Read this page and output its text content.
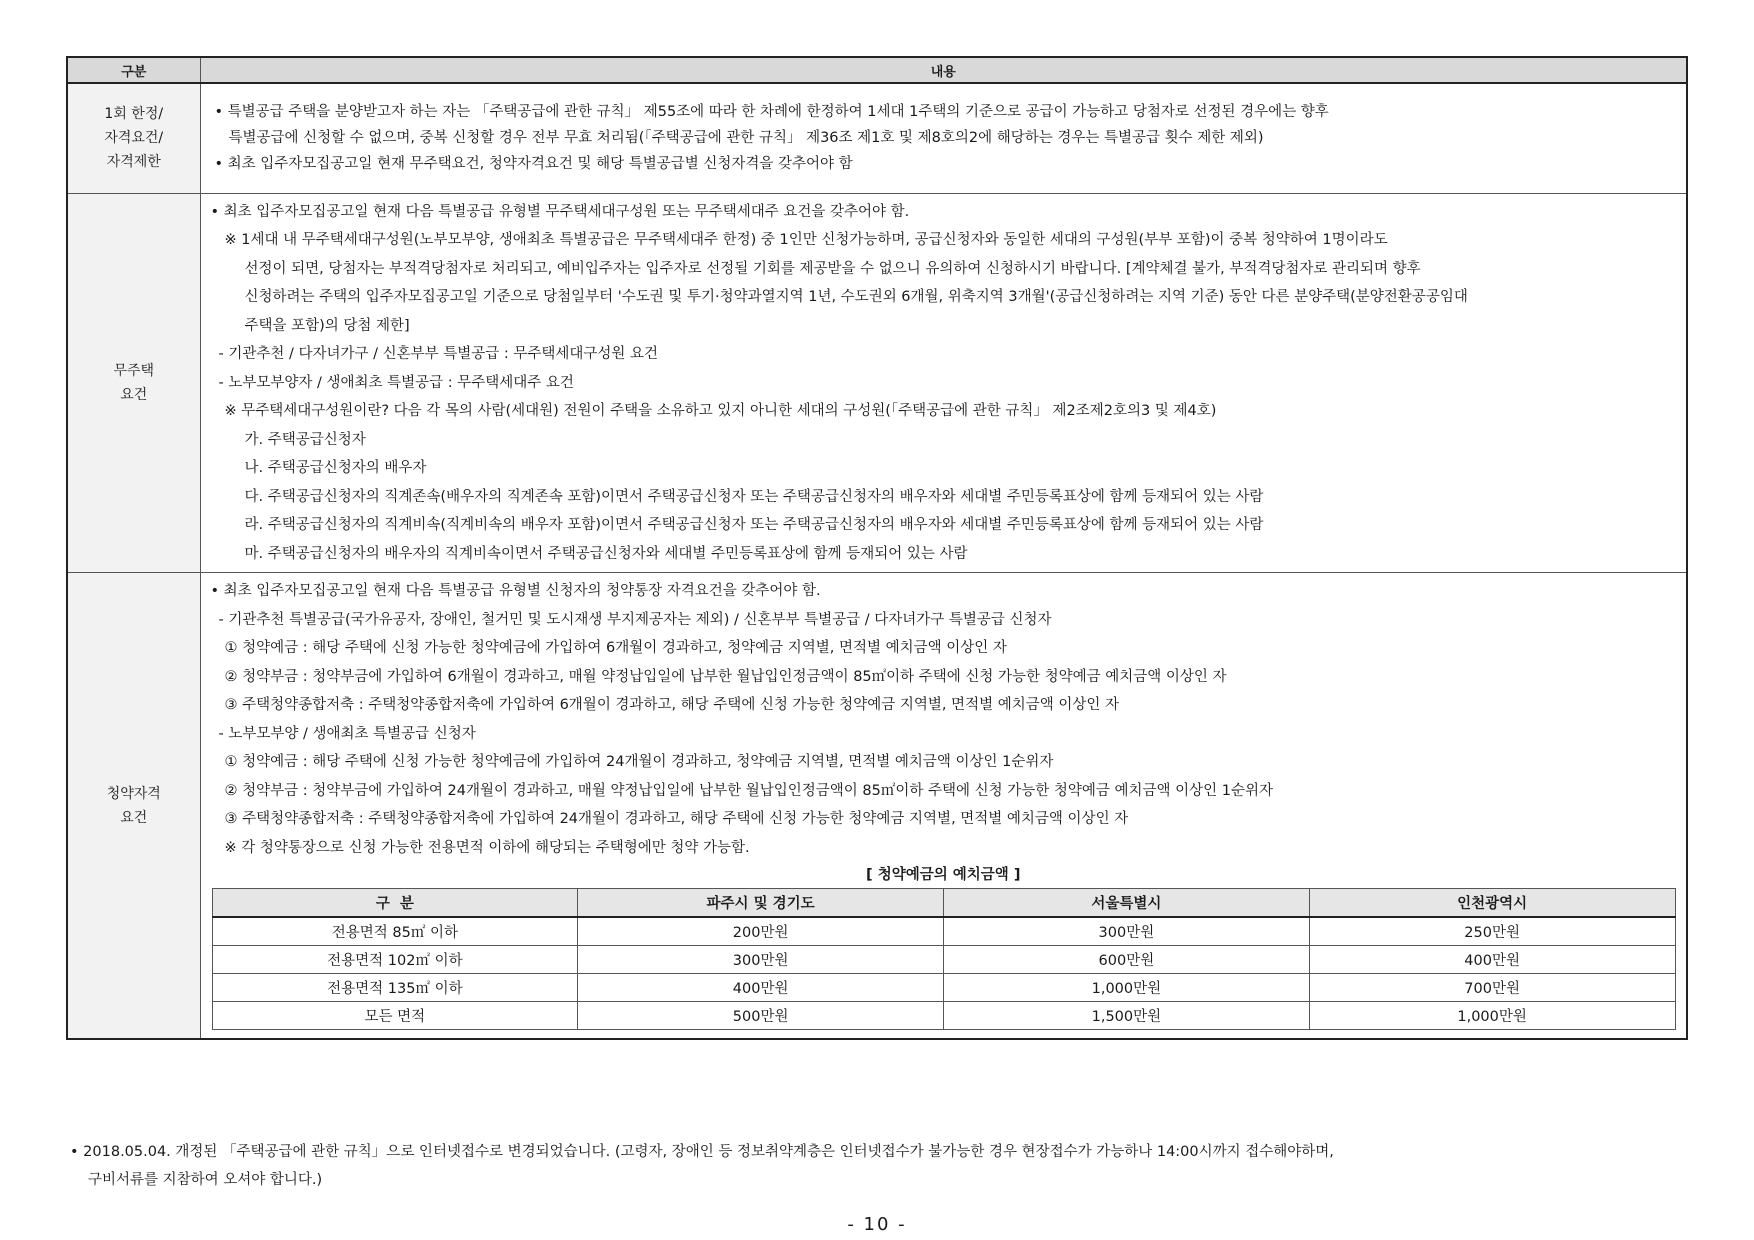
구분	내용

1회 한정/
자격요건/
자격제한

• 특별공급 주택을 분양받고자 하는 자는 「주택공급에 관한 규칙」 제55조에 따라 한 차례에 한정하여 1세대 1주택의 기준으로 공급이 가능하고 당첨자로 선정된 경우에는 향후
특별공급에 신청할 수 없으며, 중복 신청할 경우 전부 무효 처리됨(「주택공급에 관한 규칙」 제36조 제1호 및 제8호의2에 해당하는 경우는 특별공급 횟수 제한 제외)
• 최초 입주자모집공고일 현재 무주택요건, 청약자격요건 및 해당 특별공급별 신청자격을 갖추어야 함

무주택
요건

• 최초 입주자모집공고일 현재 다음 특별공급 유형별 무주택세대구성원 또는 무주택세대주 요건을 갖추어야 함.
※ 1세대 내 무주택세대구성원(노부모부양, 생애최초 특별공급은 무주택세대주 한정) 중 1인만 신청가능하며, 공급신청자와 동일한 세대의 구성원(부부 포함)이 중복 청약하여 1명이라도
선정이 되면, 당첨자는 부적격당첨자로 처리되고, 예비입주자는 입주자로 선정될 기회를 제공받을 수 없으니 유의하여 신청하시기 바랍니다. [계약체결 불가, 부적격당첨자로 관리되며 향후
신청하려는 주택의 입주자모집공고일 기준으로 당첨일부터 '수도권 및 투기·청약과열지역 1년, 수도권외 6개월, 위축지역 3개월'(공급신청하려는 지역 기준) 동안 다른 분양주택(분양전환공공임대
주택을 포함)의 당첨 제한]
- 기관추천 / 다자녀가구 / 신혼부부 특별공급 : 무주택세대구성원 요건
- 노부모부양자 / 생애최초 특별공급 : 무주택세대주 요건
※ 무주택세대구성원이란? 다음 각 목의 사람(세대원) 전원이 주택을 소유하고 있지 아니한 세대의 구성원(「주택공급에 관한 규칙」 제2조제2호의3 및 제4호)
가. 주택공급신청자
나. 주택공급신청자의 배우자
다. 주택공급신청자의 직계존속(배우자의 직계존속 포함)이면서 주택공급신청자 또는 주택공급신청자의 배우자와 세대별 주민등록표상에 함께 등재되어 있는 사람
라. 주택공급신청자의 직계비속(직계비속의 배우자 포함)이면서 주택공급신청자 또는 주택공급신청자의 배우자와 세대별 주민등록표상에 함께 등재되어 있는 사람
마. 주택공급신청자의 배우자의 직계비속이면서 주택공급신청자와 세대별 주민등록표상에 함께 등재되어 있는 사람

청약자격
요건

• 최초 입주자모집공고일 현재 다음 특별공급 유형별 신청자의 청약통장 자격요건을 갖추어야 함.
- 기관추천 특별공급(국가유공자, 장애인, 철거민 및 도시재생 부지제공자는 제외) / 신혼부부 특별공급 / 다자녀가구 특별공급 신청자
① 청약예금 : 해당 주택에 신청 가능한 청약예금에 가입하여 6개월이 경과하고, 청약예금 지역별, 면적별 예치금액 이상인 자
② 청약부금 : 청약부금에 가입하여 6개월이 경과하고, 매월 약정납입일에 납부한 월납입인정금액이 85㎡이하 주택에 신청 가능한 청약예금 예치금액 이상인 자
③ 주택청약종합저축 : 주택청약종합저축에 가입하여 6개월이 경과하고, 해당 주택에 신청 가능한 청약예금 지역별, 면적별 예치금액 이상인 자
- 노부모부양 / 생애최초 특별공급 신청자
① 청약예금 : 해당 주택에 신청 가능한 청약예금에 가입하여 24개월이 경과하고, 청약예금 지역별, 면적별 예치금액 이상인 1순위자
② 청약부금 : 청약부금에 가입하여 24개월이 경과하고, 매월 약정납입일에 납부한 월납입인정금액이 85㎡이하 주택에 신청 가능한 청약예금 예치금액 이상인 1순위자
③ 주택청약종합저축 : 주택청약종합저축에 가입하여 24개월이 경과하고, 해당 주택에 신청 가능한 청약예금 지역별, 면적별 예치금액 이상인 자
※ 각 청약통장으로 신청 가능한 전용면적 이하에 해당되는 주택형에만 청약 가능함.
[ 청약예금의 예치금액 ]
구  분	파주시 및 경기도	서울특별시	인천광역시
전용면적 85㎡ 이하	200만원	300만원	250만원
전용면적 102㎡ 이하	300만원	600만원	400만원
전용면적 135㎡ 이하	400만원	1,000만원	700만원
모든 면적	500만원	1,500만원	1,000만원
• 2018.05.04. 개정된 「주택공급에 관한 규칙」으로 인터넷접수로 변경되었습니다. (고령자, 장애인 등 정보취약계층은 인터넷접수가 불가능한 경우 현장접수가 가능하나 14:00시까지 접수해야하며,
구비서류를 지참하여 오셔야 합니다.)
- 10 -
